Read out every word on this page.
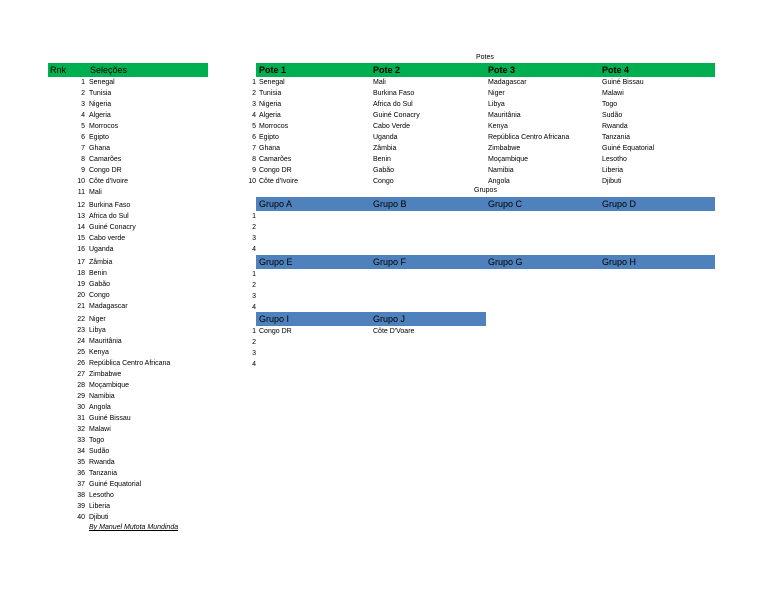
Rnk	Seleções
1 Senegal
2 Tunisia
3 Nigeria
4 Algeria
5 Morrocos
6 Egipto
7 Ghana
8 Camarões
9 Congo DR
10 Côte d'Ivoire
11 Mali
12 Burkina Faso
13 Africa do Sul
14 Guiné Conacry
15 Cabo verde
16 Uganda
17 Zâmbia
18 Benin
19 Gabão
20 Congo
21 Madagascar
22 Niger
23 Libya
24 Mauritânia
25 Kenya
26 República Centro Africana
27 Zimbabwe
28 Moçambique
29 Namibia
30 Angola
31 Guiné Bissau
32 Malawi
33 Togo
34 Sudão
35 Rwanda
36 Tanzania
37 Guiné Equatorial
38 Lesotho
39 Liberia
40 Djibuti
By Manuel Mutota Mundinda
Potes
Pote 1	Pote 2	Pote 3	Pote 4
1 Senegal	Mali	Madagascar	Guiné Bissau
2 Tunisia	Burkina Faso	Niger	Malawi
3 Nigeria	Africa do Sul	Libya	Togo
4 Algeria	Guiné Conacry	Mauritânia	Sudão
5 Morrocos	Cabo Verde	Kenya	Rwanda
6 Egipto	Uganda	República Centro Africana	Tanzania
7 Ghana	Zâmbia	Zimbabwe	Guiné Equatorial
8 Camarões	Benin	Moçambique	Lesotho
9 Congo DR	Gabão	Namibia	Liberia
10 Côte d'Ivoire	Congo	Angola	Djibuti
Grupos
Grupo A	Grupo B	Grupo C	Grupo D
1
2
3
4
Grupo E	Grupo F	Grupo G	Grupo H
1
2
3
4
Grupo I	Grupo J
1 Congo DR	Côte D'Voare
2
3
4
